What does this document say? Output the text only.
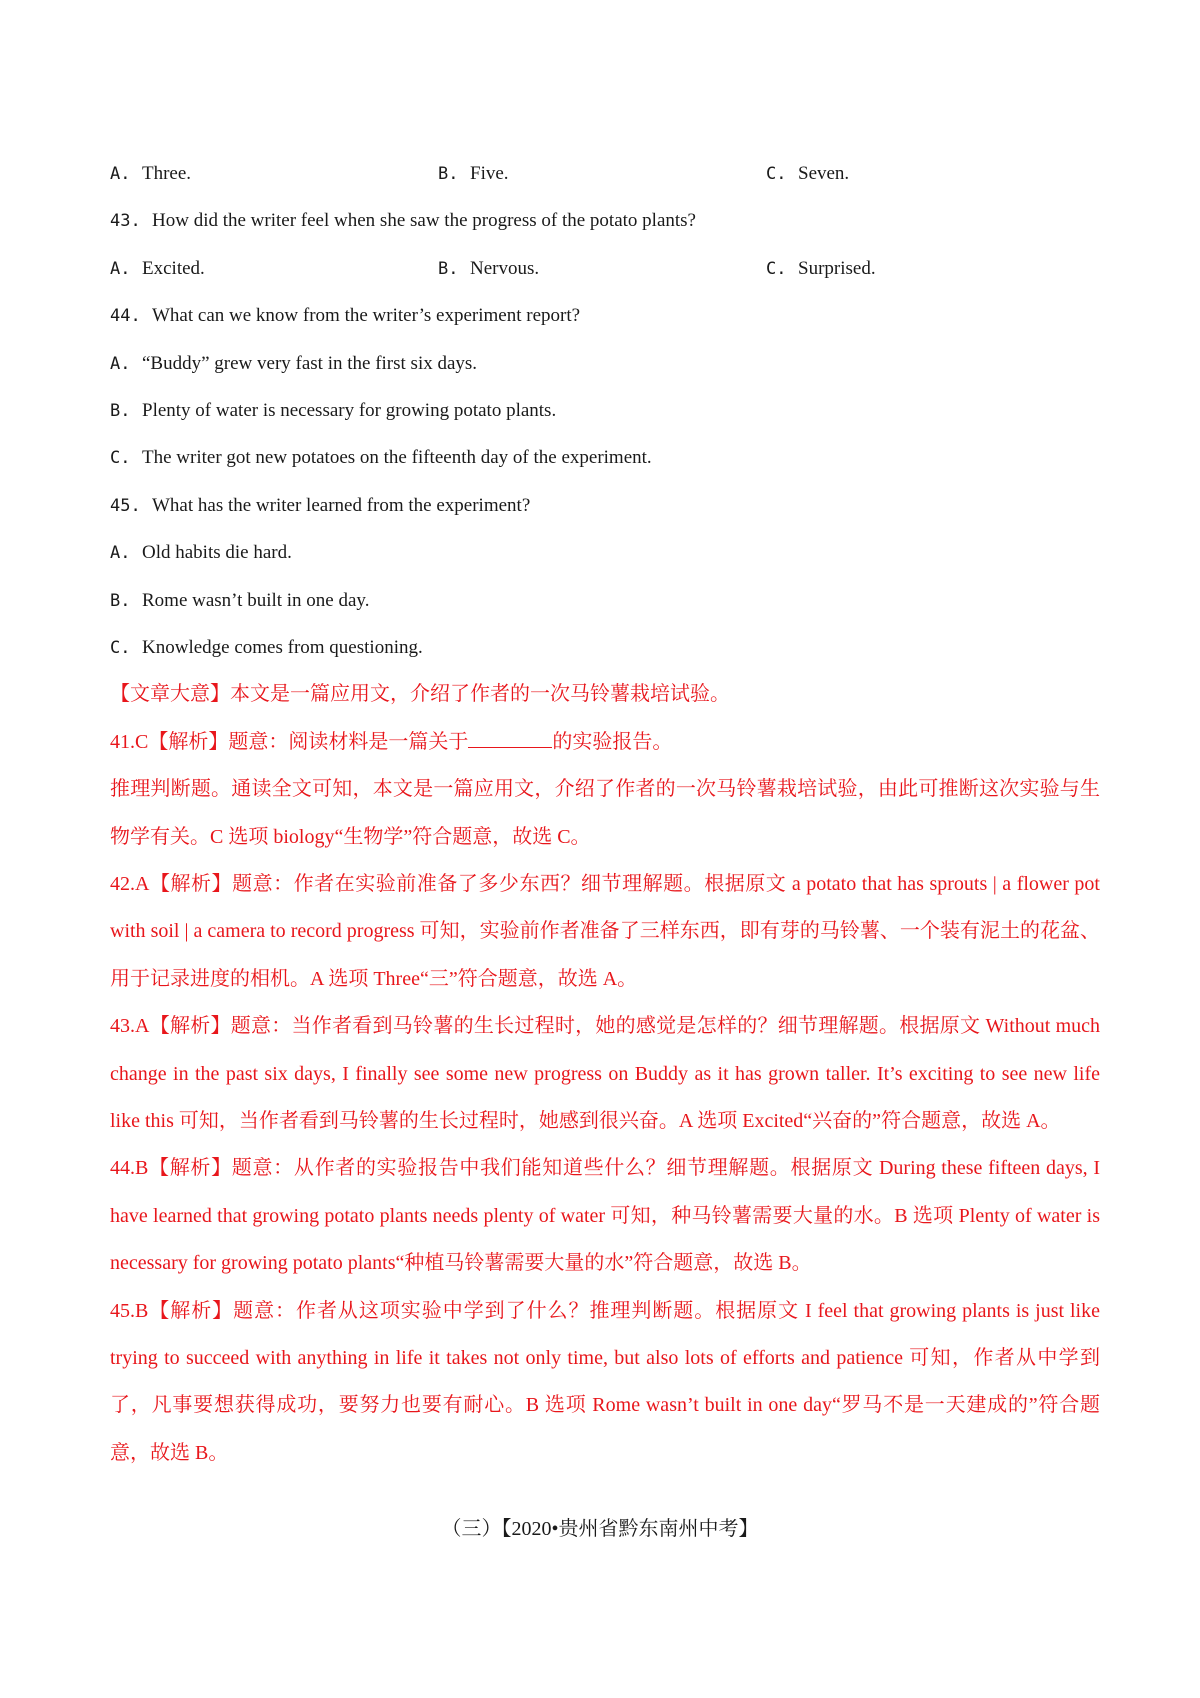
A. Three.	B. Five.	C. Seven.
43. How did the writer feel when she saw the progress of the potato plants?
A. Excited.	B. Nervous.	C. Surprised.
44. What can we know from the writer’s experiment report?
A. “Buddy” grew very fast in the first six days.
B. Plenty of water is necessary for growing potato plants.
C. The writer got new potatoes on the fifteenth day of the experiment.
45. What has the writer learned from the experiment?
A. Old habits die hard.
B. Rome wasn’t built in one day.
C. Knowledge comes from questioning.
【文章大意】本文是一篇应用文，介绍了作者的一次马铃薯栽培试验。
41.C【解析】题意：阅读材料是一篇关于	的实验报告。
推理判断题。通读全文可知，本文是一篇应用文，介绍了作者的一次马铃薯栽培试验，由此可推断这次实验与生物学有关。C 选项 biology“生物学”符合题意，故选 C。
42.A【解析】题意：作者在实验前准备了多少东西？细节理解题。根据原文 a potato that has sprouts | a flower pot with soil | a camera to record progress 可知，实验前作者准备了三样东西，即有芽的马铃薯、一个装有泥土的花盆、用于记录进度的相机。A 选项 Three“三”符合题意，故选 A。
43.A【解析】题意：当作者看到马铃薯的生长过程时，她的感觉是怎样的？细节理解题。根据原文 Without much change in the past six days, I finally see some new progress on Buddy as it has grown taller. It’s exciting to see new life like this 可知，当作者看到马铃薯的生长过程时，她感到很兴奋。A 选项 Excited“兴奋的”符合题意，故选 A。
44.B【解析】题意：从作者的实验报告中我们能知道些什么？细节理解题。根据原文 During these fifteen days, I have learned that growing potato plants needs plenty of water 可知，种马铃薯需要大量的水。B 选项 Plenty of water is necessary for growing potato plants“种植马铃薯需要大量的水”符合题意，故选 B。
45.B【解析】题意：作者从这项实验中学到了什么？推理判断题。根据原文 I feel that growing plants is just like trying to succeed with anything in life it takes not only time, but also lots of efforts and patience 可知，作者从中学到了，凡事要想获得成功，要努力也要有耐心。B 选项 Rome wasn’t built in one day“罗马不是一天建成的”符合题意，故选 B。
（三）【2020•贵州省黔东南州中考】
